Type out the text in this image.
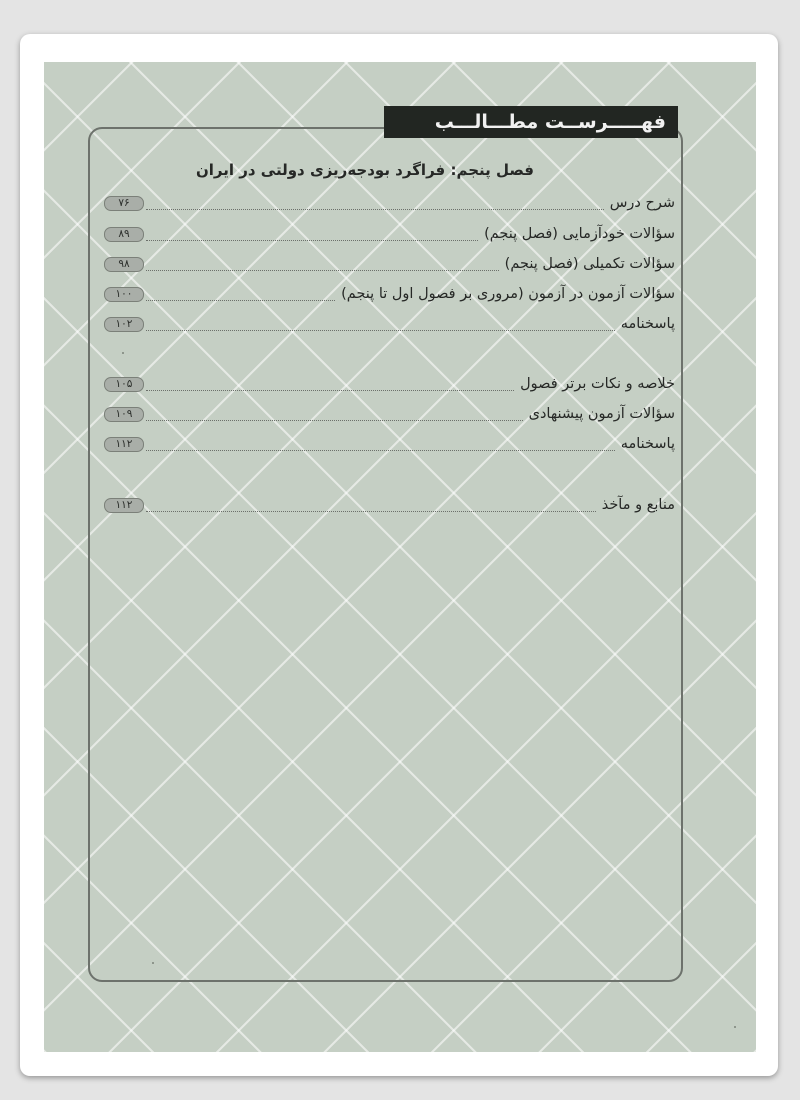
فهـــــرســت مطـــالـــب
فصل پنجم: فراگرد بودجه‌ریزی دولتی در ایران
شرح درس
۷۶
سؤالات خودآزمایی (فصل پنجم)
۸۹
سؤالات تکمیلی (فصل پنجم)
۹۸
سؤالات آزمون در آزمون (مروری بر فصول اول تا پنجم)
۱۰۰
پاسخنامه
۱۰۲
خلاصه و نکات برتر فصول
۱۰۵
سؤالات آزمون پیشنهادی
۱۰۹
پاسخنامه
۱۱۲
منابع و مآخذ
۱۱۲
